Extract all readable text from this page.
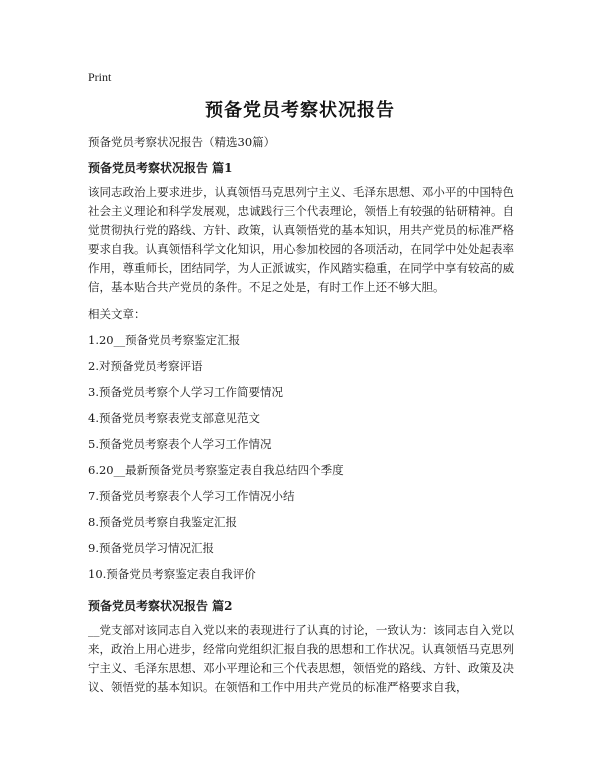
Print
预备党员考察状况报告

预备党员考察状况报告（精选30篇）

预备党员考察状况报告 篇1

该同志政治上要求进步，认真领悟马克思列宁主义、毛泽东思想、邓小平的中国特色社会主义理论和科学发展观，忠诚践行三个代表理论，领悟上有较强的钻研精神。自觉贯彻执行党的路线、方针、政策，认真领悟党的基本知识，用共产党员的标准严格要求自我。认真领悟科学文化知识，用心参加校园的各项活动，在同学中处处起表率作用，尊重师长，团结同学，为人正派诚实，作风踏实稳重，在同学中享有较高的威信，基本贴合共产党员的条件。不足之处是，有时工作上还不够大胆。

相关文章：

1.20__预备党员考察鉴定汇报
2.对预备党员考察评语
3.预备党员考察个人学习工作简要情况
4.预备党员考察表党支部意见范文
5.预备党员考察表个人学习工作情况
6.20__最新预备党员考察鉴定表自我总结四个季度
7.预备党员考察表个人学习工作情况小结
8.预备党员考察自我鉴定汇报
9.预备党员学习情况汇报
10.预备党员考察鉴定表自我评价

预备党员考察状况报告 篇2

__党支部对该同志自入党以来的表现进行了认真的讨论，一致认为：该同志自入党以来，政治上用心进步，经常向党组织汇报自我的思想和工作状况。认真领悟马克思列宁主义、毛泽东思想、邓小平理论和三个代表思想，领悟党的路线、方针、政策及决议、领悟党的基本知识。在领悟和工作中用共产党员的标准严格要求自我，
